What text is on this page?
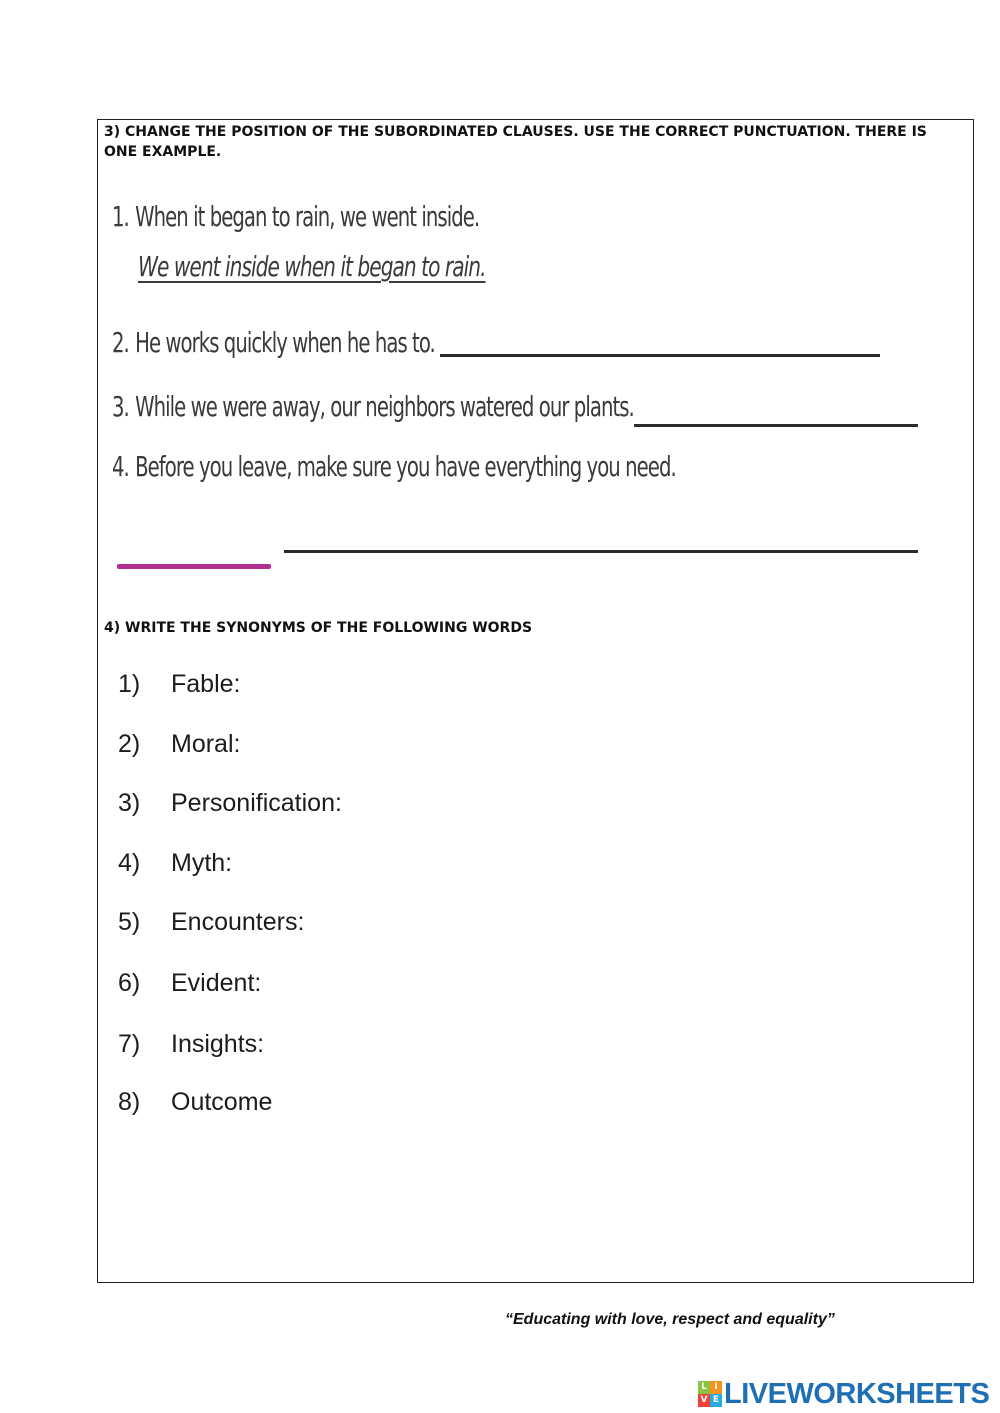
3) CHANGE THE POSITION OF THE SUBORDINATED CLAUSES. USE THE CORRECT PUNCTUATION. THERE IS ONE EXAMPLE.

1. When it began to rain, we went inside.
We went inside when it began to rain.
2. He works quickly when he has to.
3. While we were away, our neighbors watered our plants.
4. Before you leave, make sure you have everything you need.

4) WRITE THE SYNONYMS OF THE FOLLOWING WORDS

1) Fable:
2) Moral:
3) Personification:
4) Myth:
5) Encounters:
6) Evident:
7) Insights:
8) Outcome
“Educating with love, respect and equality”
L I
V E LIVEWORKSHEETS
